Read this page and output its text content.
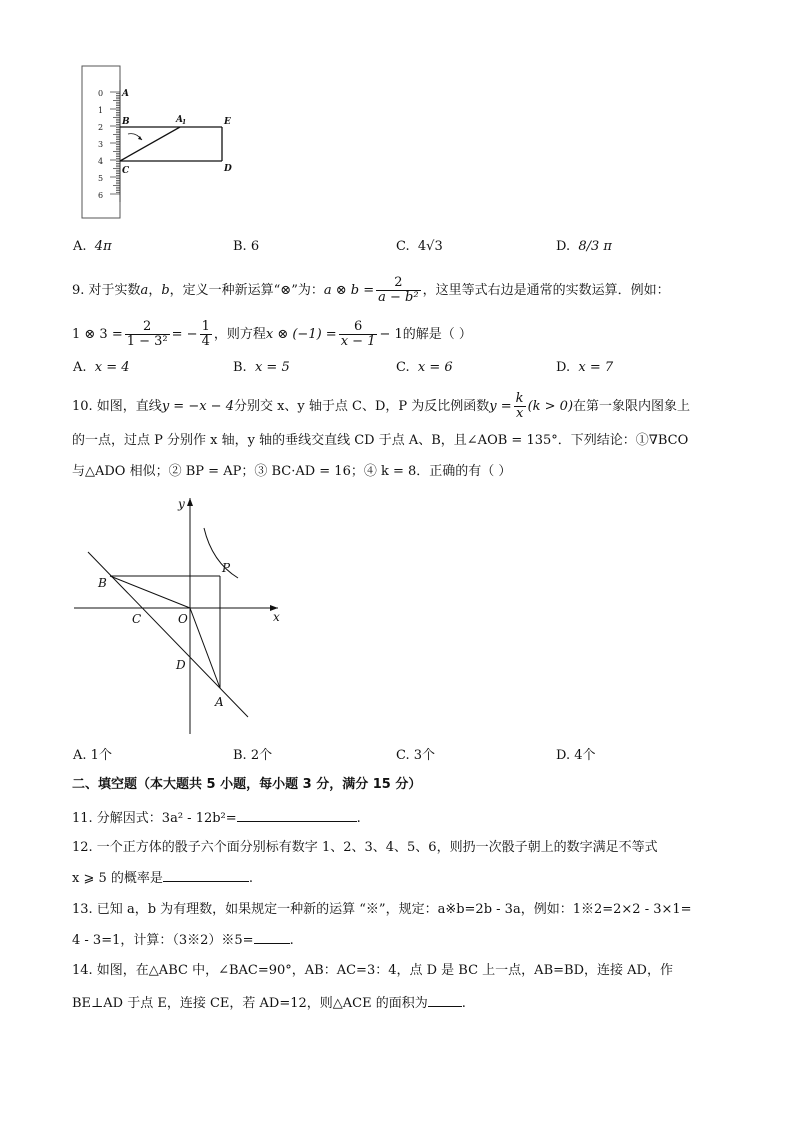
0
1
2
3
4
5
6
A
B	A 1	E
C	D
A. 4π	B. 6	C. 4√3	D. 8/3 π
9. 对于实数a，b，定义一种新运算“⊗”为：a ⊗ $b = \frac{2}{\text{a − b²}}$ ，这里等式右边是通常的实数运算．例如：
1 ⊗ $3 = \frac{2}{\text{1 − 3²}}$ = − $\frac{1}{4}$ ，则方程x ⊗ $(-1) = \frac{6}{x - 1} - 1$的解是（ ）
A. x = 4	B. x = 5	C. x = 6	D. x = 7
10. 如图，直线y = −x − 4分别交 x、y 轴于点 C、D，P 为反比例函数$y = \frac{k}{x} (k > 0)$在第一象限内图象上
的一点，过点 P 分别作 x 轴，y 轴的垂线交直线 CD 于点 A、B，且∠AOB = 135°．下列结论：①∇BCO
与△ADO 相似；② BP = AP；③ BC·AD = 16；④ k = 8．正确的有（ ）
y
x
P
B
C	O
D
A
A. 1个	B. 2个	C. 3个	D. 4个
二、填空题（本大题共 5 小题，每小题 3 分，满分 15 分）
11. 分解因式：3a² - 12b²=	.
12. 一个正方体的骰子六个面分别标有数字 1、2、3、4、5、6，则扔一次骰子朝上的数字满足不等式
x ⩾ 5 的概率是	.
13. 已知 a，b 为有理数，如果规定一种新的运算 “※”，规定：a※b=2b - 3a，例如：1※2=2×2 - 3×1=
4 - 3=1，计算：（3※2）※5=	.
14. 如图，在△ABC 中，∠BAC=90°，AB：AC=3：4，点 D 是 BC 上一点，AB=BD，连接 AD，作
BE⊥AD 于点 E，连接 CE，若 AD=12，则△ACE 的面积为	.
